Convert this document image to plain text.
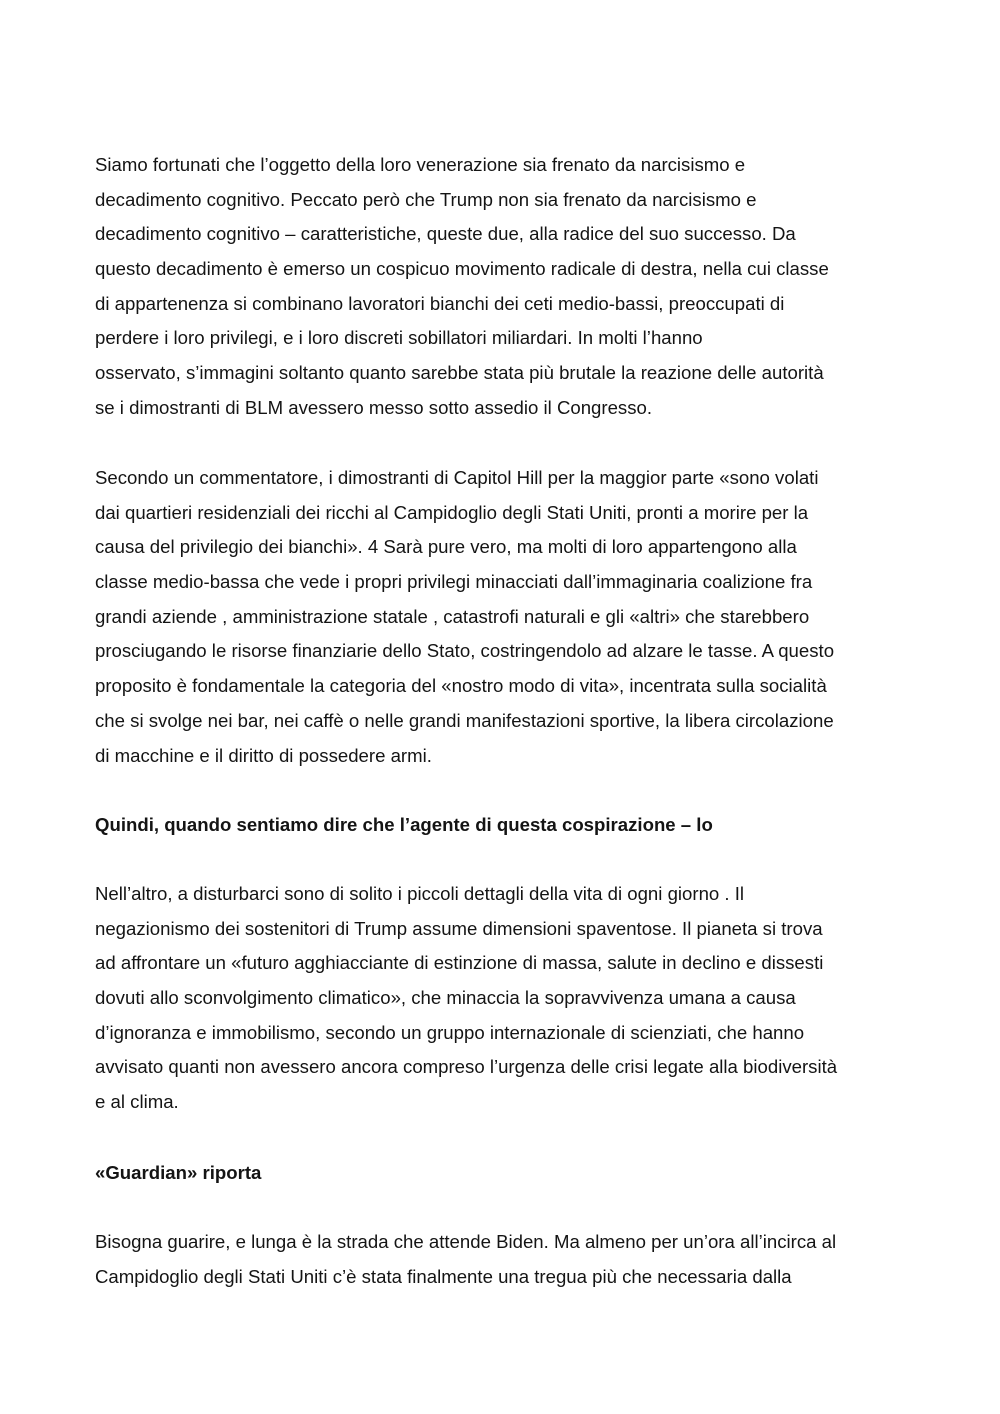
Siamo fortunati che l’oggetto della loro venerazione sia frenato da narcisismo e
decadimento cognitivo. Peccato però che Trump non sia frenato da narcisismo e
decadimento cognitivo – caratteristiche, queste due, alla radice del suo successo. Da
questo decadimento è emerso un cospicuo movimento radicale di destra, nella cui classe
di appartenenza si combinano lavoratori bianchi dei ceti medio-bassi, preoccupati di
perdere i loro privilegi, e i loro discreti sobillatori miliardari. In molti l’hanno
osservato, s’immagini soltanto quanto sarebbe stata più brutale la reazione delle autorità
se i dimostranti di BLM avessero messo sotto assedio il Congresso.
Secondo un commentatore, i dimostranti di Capitol Hill per la maggior parte «sono volati
dai quartieri residenziali dei ricchi al Campidoglio degli Stati Uniti, pronti a morire per la
causa del privilegio dei bianchi». 4 Sarà pure vero, ma molti di loro appartengono alla
classe medio-bassa che vede i propri privilegi minacciati dall’immaginaria coalizione fra
grandi aziende , amministrazione statale , catastrofi naturali e gli «altri» che starebbero
prosciugando le risorse finanziarie dello Stato, costringendolo ad alzare le tasse. A questo
proposito è fondamentale la categoria del «nostro modo di vita», incentrata sulla socialità
che si svolge nei bar, nei caffè o nelle grandi manifestazioni sportive, la libera circolazione
di macchine e il diritto di possedere armi.
Quindi, quando sentiamo dire che l’agente di questa cospirazione – lo
Nell’altro, a disturbarci sono di solito i piccoli dettagli della vita di ogni giorno . Il
negazionismo dei sostenitori di Trump assume dimensioni spaventose. Il pianeta si trova
ad affrontare un «futuro agghiacciante di estinzione di massa, salute in declino e dissesti
dovuti allo sconvolgimento climatico», che minaccia la sopravvivenza umana a causa
d’ignoranza e immobilismo, secondo un gruppo internazionale di scienziati, che hanno
avvisato quanti non avessero ancora compreso l’urgenza delle crisi legate alla biodiversità
e al clima.
«Guardian» riporta
Bisogna guarire, e lunga è la strada che attende Biden. Ma almeno per un’ora all’incirca al
Campidoglio degli Stati Uniti c’è stata finalmente una tregua più che necessaria dalla
